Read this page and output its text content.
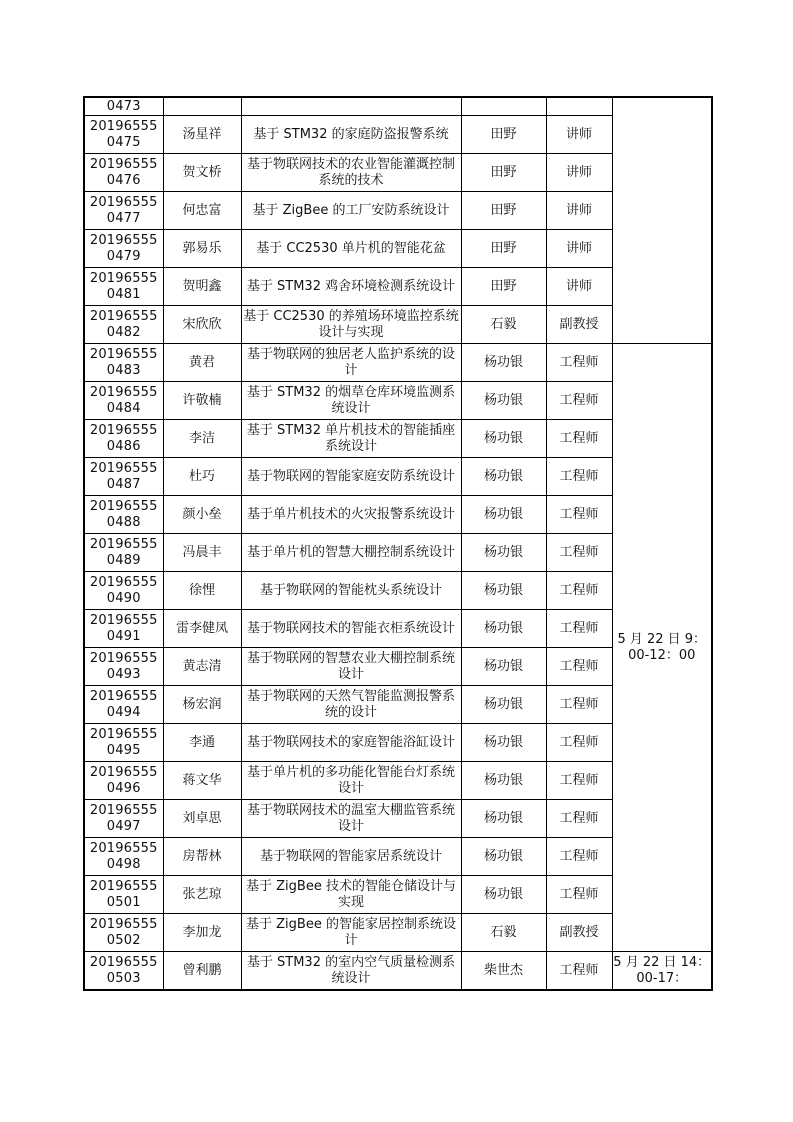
0473					
20196555 0475	汤星祥	基于 STM32 的家庭防盗报警系统	田野	讲师	
20196555 0476	贺文桥	基于物联网技术的农业智能灌溉控制系统的技术	田野	讲师	
20196555 0477	何忠富	基于 ZigBee 的工厂安防系统设计	田野	讲师	
20196555 0479	郭易乐	基于 CC2530 单片机的智能花盆	田野	讲师	
20196555 0481	贺明鑫	基于 STM32 鸡舍环境检测系统设计	田野	讲师	
20196555 0482	宋欣欣	基于 CC2530 的养殖场环境监控系统设计与实现	石毅	副教授	
20196555 0483	黄君	基于物联网的独居老人监护系统的设计	杨功银	工程师	5 月 22 日 9：00-12：00
20196555 0484	许敬楠	基于 STM32 的烟草仓库环境监测系统设计	杨功银	工程师	
20196555 0486	李洁	基于 STM32 单片机技术的智能插座系统设计	杨功银	工程师	
20196555 0487	杜巧	基于物联网的智能家庭安防系统设计	杨功银	工程师	
20196555 0488	颜小垒	基于单片机技术的火灾报警系统设计	杨功银	工程师	
20196555 0489	冯晨丰	基于单片机的智慧大棚控制系统设计	杨功银	工程师	
20196555 0490	徐悝	基于物联网的智能枕头系统设计	杨功银	工程师	
20196555 0491	雷李健凤	基于物联网技术的智能衣柜系统设计	杨功银	工程师	
20196555 0493	黄志清	基于物联网的智慧农业大棚控制系统设计	杨功银	工程师	
20196555 0494	杨宏润	基于物联网的天然气智能监测报警系统的设计	杨功银	工程师	
20196555 0495	李通	基于物联网技术的家庭智能浴缸设计	杨功银	工程师	
20196555 0496	蒋文华	基于单片机的多功能化智能台灯系统设计	杨功银	工程师	
20196555 0497	刘卓思	基于物联网技术的温室大棚监管系统设计	杨功银	工程师	
20196555 0498	房帮林	基于物联网的智能家居系统设计	杨功银	工程师	
20196555 0501	张艺琼	基于 ZigBee 技术的智能仓储设计与实现	杨功银	工程师	
20196555 0502	李加龙	基于 ZigBee 的智能家居控制系统设计	石毅	副教授	
20196555 0503	曾利鹏	基于 STM32 的室内空气质量检测系统设计	柴世杰	工程师	5 月 22 日 14：00-17：
